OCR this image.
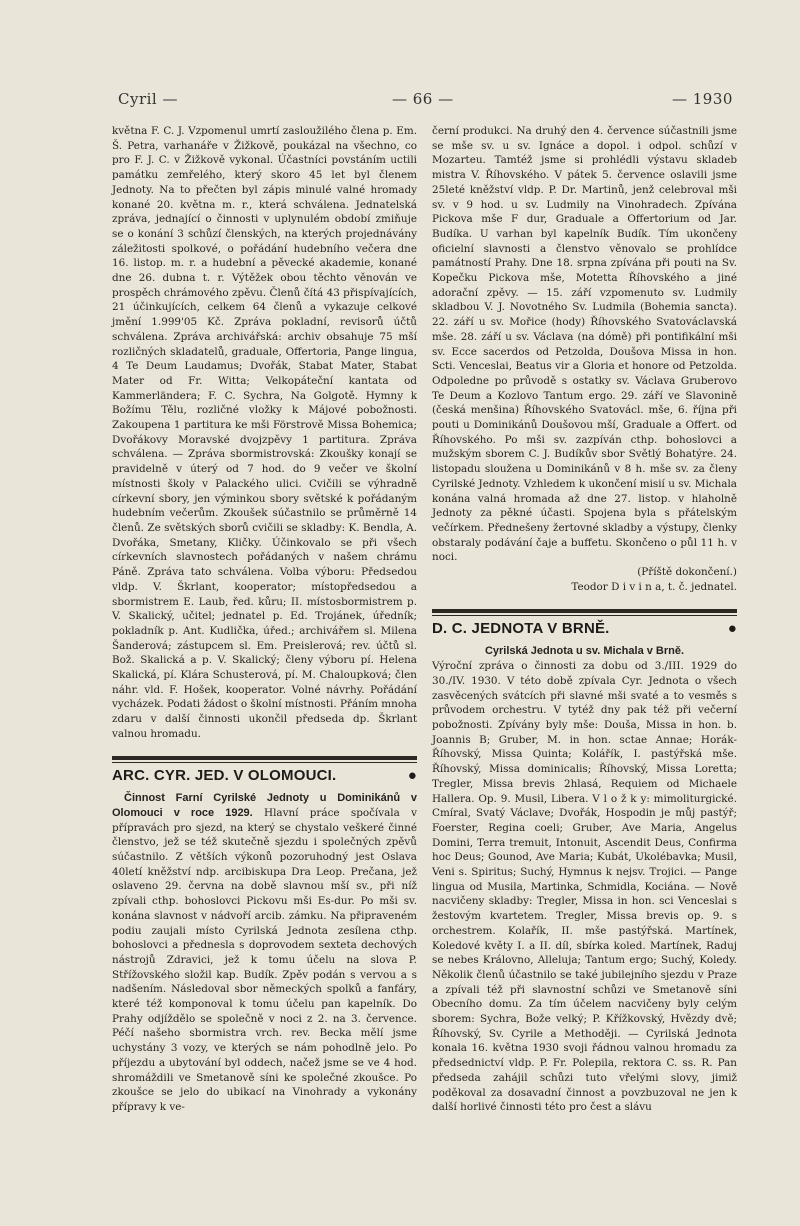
Cyril —	— 66 —	— 1930

května F. C. J. Vzpomenul umrtí zasloužilého člena p. Em. Š. Petra, varhanáře v Žižkově, poukázal na všechno, co pro F. J. C. v Žižkově vykonal. Účastníci povstáním uctili památku zemřelého, který skoro 45 let byl členem Jednoty. Na to přečten byl zápis minulé valné hromady konané 20. května m. r., která schválena. Jednatelská zpráva, jednající o činnosti v uplynulém období zmiňuje se o konání 3 schůzí členských, na kterých projednávány záležitosti spolkové, o pořádání hudebního večera dne 16. listop. m. r. a hudební a pěvecké akademie, konané dne 26. dubna t. r. Výtěžek obou těchto věnován ve prospěch chrámového zpěvu. Členů čítá 43 přispívajících, 21 účinkujících, celkem 64 členů a vykazuje celkové jmění 1.999'05 Kč. Zpráva pokladní, revisorů účtů schválena. Zpráva archivářská: archiv obsahuje 75 mší rozličných skladatelů, graduale, Offertoria, Pange lingua, 4 Te Deum Laudamus; Dvořák, Stabat Mater, Stabat Mater od Fr. Witta; Velkopáteční kantata od Kammerländera; F. C. Sychra, Na Golgotě. Hymny k Božímu Tělu, rozličné vložky k Májové pobožnosti. Zakoupena 1 partitura ke mši Förstrově Missa Bohemica; Dvořákovy Moravské dvojzpěvy 1 partitura. Zpráva schválena. — Zpráva sbormistrovská: Zkoušky konají se pravidelně v úterý od 7 hod. do 9 večer ve školní místnosti školy v Palackého ulici. Cvičili se výhradně církevní sbory, jen výminkou sbory světské k pořádaným hudebním večerům. Zkoušek súčastnilo se průměrně 14 členů. Ze světských sborů cvičili se skladby: K. Bendla, A. Dvořáka, Smetany, Kličky. Účinkovalo se při všech církevních slavnostech pořádaných v našem chrámu Páně. Zpráva tato schválena. Volba výboru: Předsedou vldp. V. Škrlant, kooperator; místopředsedou a sbormistrem E. Laub, řed. kůru; II. místosbormistrem p. V. Skalický, učitel; jednatel p. Ed. Trojánek, úředník; pokladník p. Ant. Kudlička, úřed.; archivářem sl. Milena Šanderová; zástupcem sl. Em. Preislerová; rev. účtů sl. Bož. Skalická a p. V. Skalický; členy výboru pí. Helena Skalická, pí. Klára Schusterová, pí. M. Chaloupková; člen náhr. vld. F. Hošek, kooperator. Volné návrhy. Pořádání vycházek. Podati žádost o školní místnosti. Přáním mnoha zdaru v další činnosti ukončil předseda dp. Škrlant valnou hromadu.

ARC. CYR. JED. V OLOMOUCI.	●

Činnost Farní Cyrilské Jednoty u Dominikánů v Olomouci v roce 1929. Hlavní práce spočívala v přípravách pro sjezd, na který se chystalo veškeré činné členstvo, jež se též skutečně sjezdu i společných zpěvů súčastnilo. Z větších výkonů pozoruhodný jest Oslava 40letí kněžství ndp. arcibiskupa Dra Leop. Prečana, jež oslaveno 29. června na době slavnou mší sv., při níž zpívali cthp. bohoslovci Pickovu mši Es-dur. Po mši sv. konána slavnost v nádvoří arcib. zámku. Na připraveném podiu zaujali místo Cyrilská Jednota zesílena cthp. bohoslovci a přednesla s doprovodem sexteta dechových nástrojů Zdravici, jež k tomu účelu na slova P. Střížovského složil kap. Budík. Zpěv podán s vervou a s nadšením. Následoval sbor německých spolků a fanfáry, které též komponoval k tomu účelu pan kapelník. Do Prahy odjíždělo se společně v noci z 2. na 3. července. Péčí našeho sbormistra vrch. rev. Becka mělí jsme uchystány 3 vozy, ve kterých se nám pohodlně jelo. Po příjezdu a ubytování byl oddech, načež jsme se ve 4 hod. shromáždili ve Smetanově síni ke společné zkoušce. Po zkoušce se jelo do ubikací na Vinohrady a vykonány přípravy k ve-

černí produkci. Na druhý den 4. července súčastnili jsme se mše sv. u sv. Ignáce a dopol. i odpol. schůzí v Mozarteu. Tamtéž jsme si prohlédli výstavu skladeb mistra V. Říhovského. V pátek 5. července oslavili jsme 25leté kněžství vldp. P. Dr. Martinů, jenž celebroval mši sv. v 9 hod. u sv. Ludmily na Vinohradech. Zpívána Pickova mše F dur, Graduale a Offertorium od Jar. Budíka. U varhan byl kapelník Budík. Tím ukončeny oficielní slavnosti a členstvo věnovalo se prohlídce památností Prahy. Dne 18. srpna zpívána při pouti na Sv. Kopečku Pickova mše, Motetta Říhovského a jiné adorační zpěvy. — 15. září vzpomenuto sv. Ludmily skladbou V. J. Novotného Sv. Ludmila (Bohemia sancta). 22. září u sv. Mořice (hody) Říhovského Svatováclavská mše. 28. září u sv. Václava (na dómě) při pontifikální mši sv. Ecce sacerdos od Petzolda, Doušova Missa in hon. Scti. Venceslai, Beatus vir a Gloria et honore od Petzolda. Odpoledne po průvodě s ostatky sv. Václava Gruberovo Te Deum a Kozlovo Tantum ergo. 29. září ve Slavonině (česká menšina) Říhovského Svatovácl. mše, 6. října při pouti u Dominikánů Doušovou mší, Graduale a Offert. od Říhovského. Po mši sv. zazpíván cthp. bohoslovci a mužským sborem C. J. Budíkův sbor Světlý Bohatýre. 24. listopadu sloužena u Dominikánů v 8 h. mše sv. za členy Cyrilské Jednoty. Vzhledem k ukončení misií u sv. Michala konána valná hromada až dne 27. listop. v hlaholně Jednoty za pěkné účasti. Spojena byla s přátelským večírkem. Přednešeny žertovné skladby a výstupy, členky obstaraly podávání čaje a buffetu. Skončeno o půl 11 h. v noci.

(Příště dokončení.)

Teodor D i v i n a, t. č. jednatel.

D. C. JEDNOTA V BRNĚ.	●
Cyrilská Jednota u sv. Michala v Brně.

Výroční zpráva o činnosti za dobu od 3./III. 1929 do 30./IV. 1930. V této době zpívala Cyr. Jednota o všech zasvěcených svátcích při slavné mši svaté a to vesměs s průvodem orchestru. V tytéž dny pak též při večerní pobožnosti. Zpívány byly mše: Douša, Missa in hon. b. Joannis B; Gruber, M. in hon. sctae Annae; Horák-Říhovský, Missa Quinta; Kolářík, I. pastýřská mše. Říhovský, Missa dominicalis; Říhovský, Missa Loretta; Tregler, Missa brevis 2hlasá, Requiem od Michaele Hallera. Op. 9. Musil, Libera. V l o ž k y: mimoliturgické. Cmíral, Svatý Václave; Dvořák, Hospodin je můj pastýř; Foerster, Regina coeli; Gruber, Ave Maria, Angelus Domini, Terra tremuit, Intonuit, Ascendit Deus, Confirma hoc Deus; Gounod, Ave Maria; Kubát, Ukolébavka; Musil, Veni s. Spiritus; Suchý, Hymnus k nejsv. Trojici. — Pange lingua od Musila, Martinka, Schmidla, Kociána. — Nově nacvičeny skladby: Tregler, Missa in hon. sci Venceslai s žestovým kvartetem. Tregler, Missa brevis op. 9. s orchestrem. Kolařík, II. mše pastýřská. Martínek, Koledové květy I. a II. díl, sbírka koled. Martínek, Raduj se nebes Královno, Alleluja; Tantum ergo; Suchý, Koledy. Několik členů účastnilo se také jubilejního sjezdu v Praze a zpívali též při slavnostní schůzi ve Smetanově síni Obecního domu. Za tím účelem nacvičeny byly celým sborem: Sychra, Bože velký; P. Křížkovský, Hvězdy dvě; Říhovský, Sv. Cyrile a Methoději. — Cyrilská Jednota konala 16. května 1930 svoji řádnou valnou hromadu za předsednictví vldp. P. Fr. Polepila, rektora C. ss. R. Pan předseda zahájil schůzi tuto vřelými slovy, jimiž poděkoval za dosavadní činnost a povzbuzoval ne jen k další horlivé činnosti této pro čest a slávu
